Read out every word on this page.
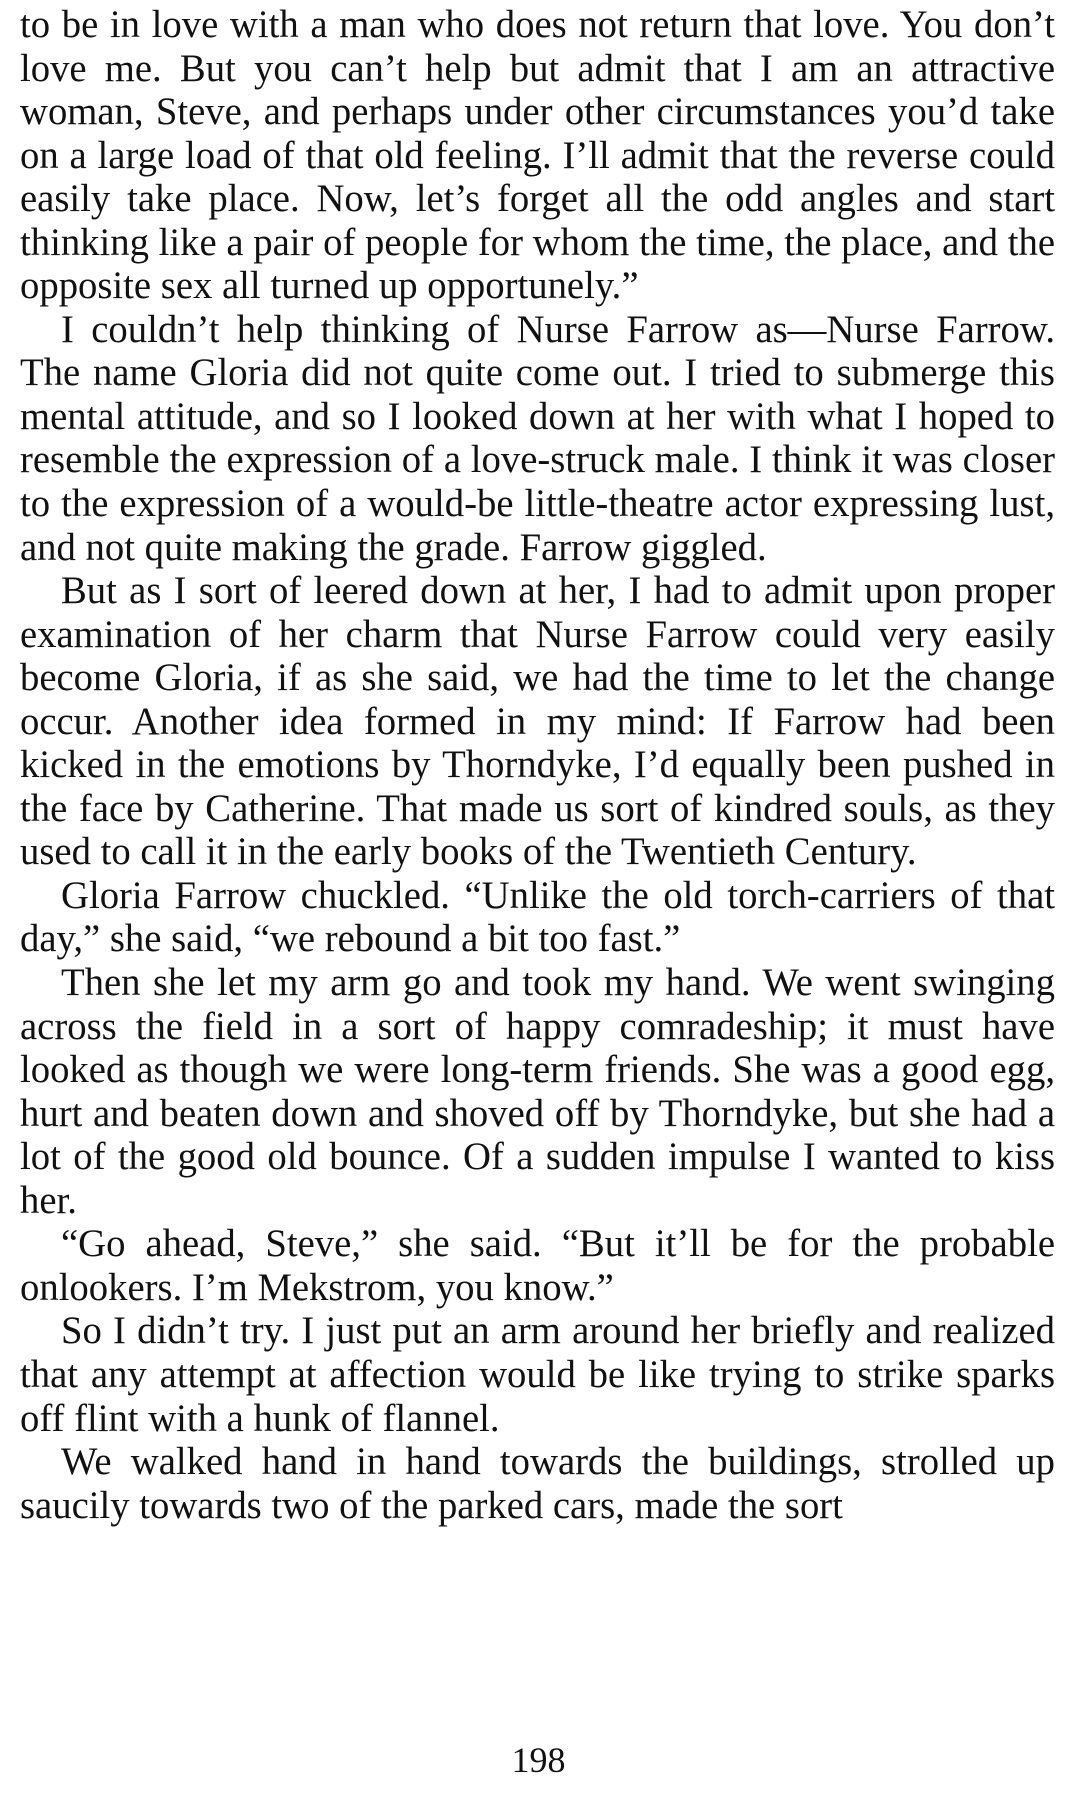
to be in love with a man who does not return that love. You don’t love me. But you can’t help but admit that I am an attractive woman, Steve, and perhaps under other circumstances you’d take on a large load of that old feeling. I’ll admit that the reverse could easily take place. Now, let’s forget all the odd angles and start thinking like a pair of people for whom the time, the place, and the opposite sex all turned up opportunely.”

I couldn’t help thinking of Nurse Farrow as—Nurse Farrow. The name Gloria did not quite come out. I tried to submerge this mental attitude, and so I looked down at her with what I hoped to resemble the expression of a love-struck male. I think it was closer to the expression of a would-be little-theatre actor expressing lust, and not quite making the grade. Farrow giggled.

But as I sort of leered down at her, I had to admit upon proper examination of her charm that Nurse Farrow could very easily become Gloria, if as she said, we had the time to let the change occur. Another idea formed in my mind: If Farrow had been kicked in the emotions by Thorndyke, I’d equally been pushed in the face by Catherine. That made us sort of kindred souls, as they used to call it in the early books of the Twentieth Century.

Gloria Farrow chuckled. “Unlike the old torch-carriers of that day,” she said, “we rebound a bit too fast.”

Then she let my arm go and took my hand. We went swinging across the field in a sort of happy comradeship; it must have looked as though we were long-term friends. She was a good egg, hurt and beaten down and shoved off by Thorndyke, but she had a lot of the good old bounce. Of a sudden impulse I wanted to kiss her.

“Go ahead, Steve,” she said. “But it’ll be for the probable onlookers. I’m Mekstrom, you know.”

So I didn’t try. I just put an arm around her briefly and realized that any attempt at affection would be like trying to strike sparks off flint with a hunk of flannel.

We walked hand in hand towards the buildings, strolled up saucily towards two of the parked cars, made the sort

198
